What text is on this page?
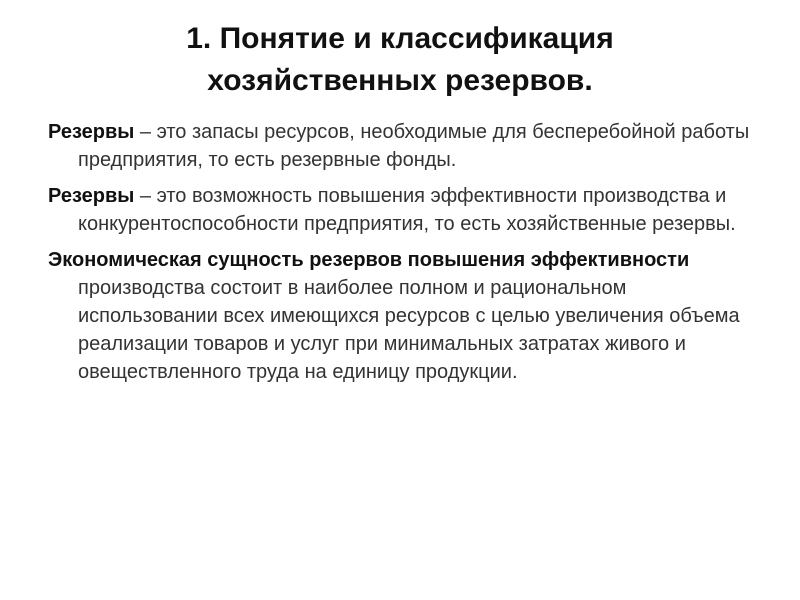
1. Понятие и классификация
хозяйственных резервов.

Резервы – это запасы ресурсов, необходимые для бесперебойной работы предприятия, то есть резервные фонды.

Резервы – это возможность повышения эффективности производства и конкурентоспособности предприятия, то есть хозяйственные резервы.

Экономическая сущность резервов повышения эффективности производства состоит в наиболее полном и рациональном использовании всех имеющихся ресурсов с целью увеличения объема реализации товаров и услуг при минимальных затратах живого и овеществленного труда на единицу продукции.
